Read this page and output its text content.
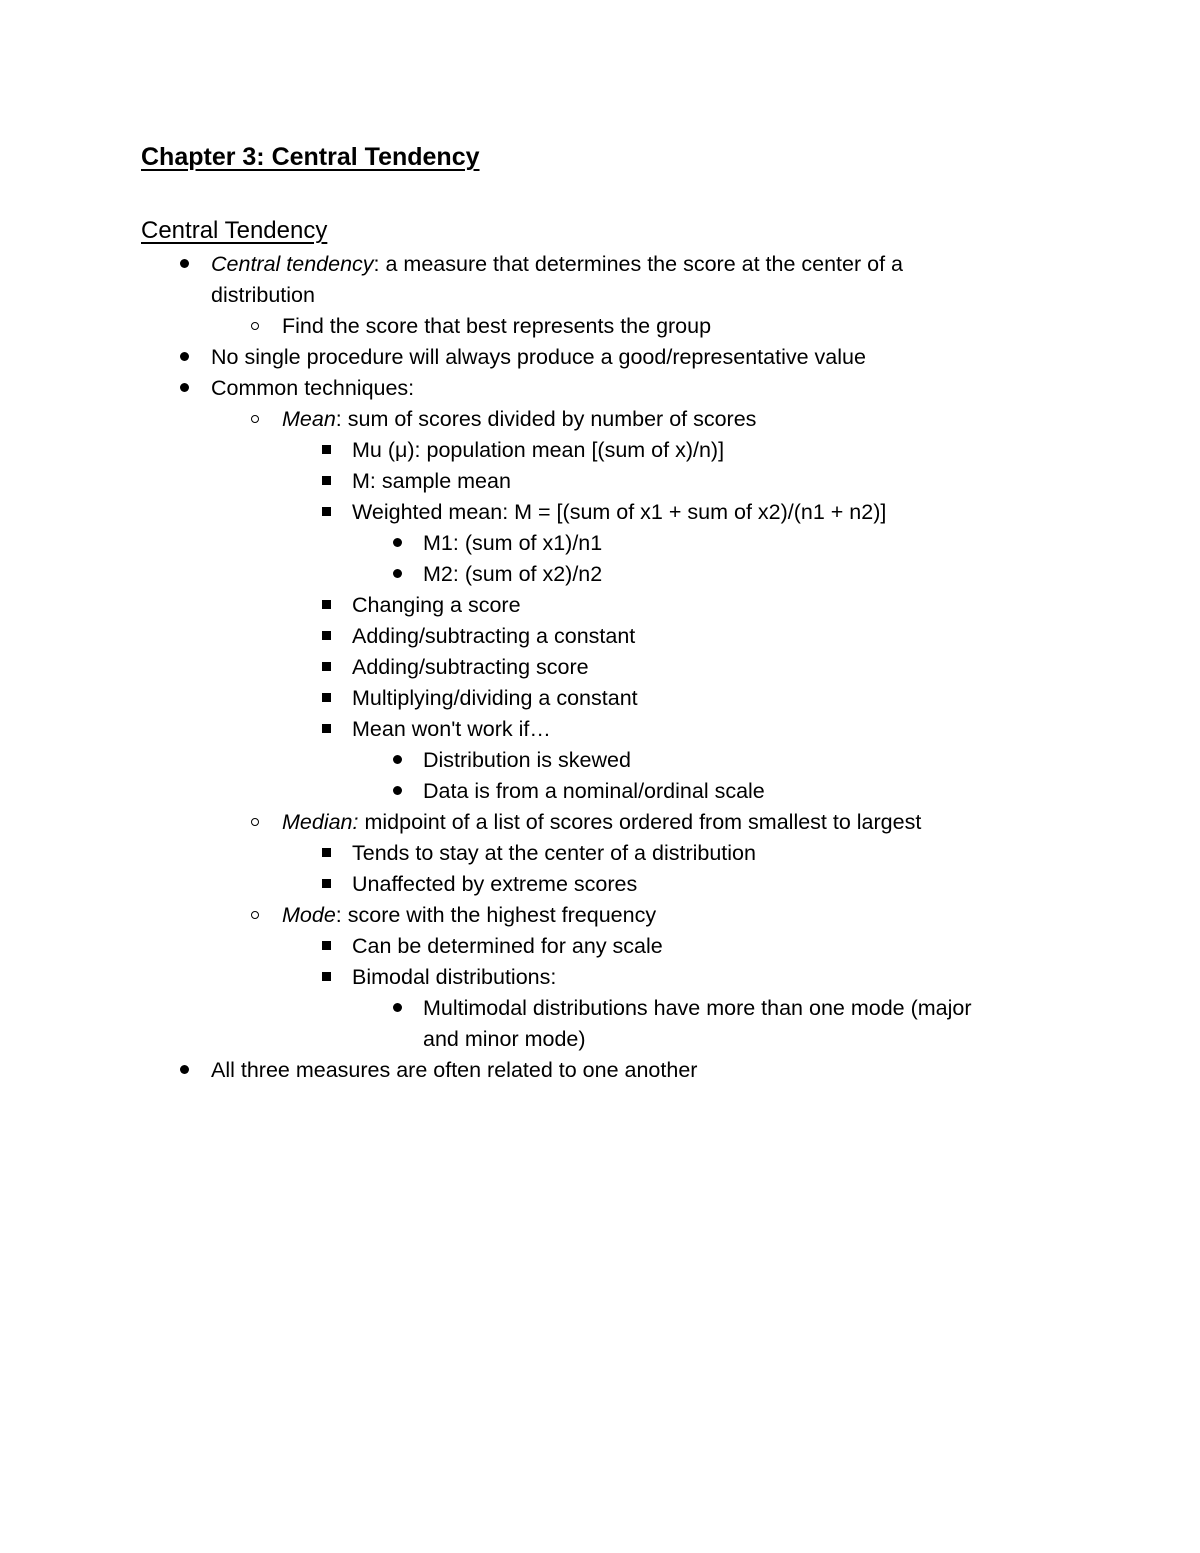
Chapter 3: Central Tendency
Central Tendency
Central tendency: a measure that determines the score at the center of a
distribution
Find the score that best represents the group
No single procedure will always produce a good/representative value
Common techniques:
Mean: sum of scores divided by number of scores
Mu (μ): population mean [(sum of x)/n)]
M: sample mean
Weighted mean: M = [(sum of x1 + sum of x2)/(n1 + n2)]
M1: (sum of x1)/n1
M2: (sum of x2)/n2
Changing a score
Adding/subtracting a constant
Adding/subtracting score
Multiplying/dividing a constant
Mean won't work if…
Distribution is skewed
Data is from a nominal/ordinal scale
Median: midpoint of a list of scores ordered from smallest to largest
Tends to stay at the center of a distribution
Unaffected by extreme scores
Mode: score with the highest frequency
Can be determined for any scale
Bimodal distributions:
Multimodal distributions have more than one mode (major
and minor mode)
All three measures are often related to one another
